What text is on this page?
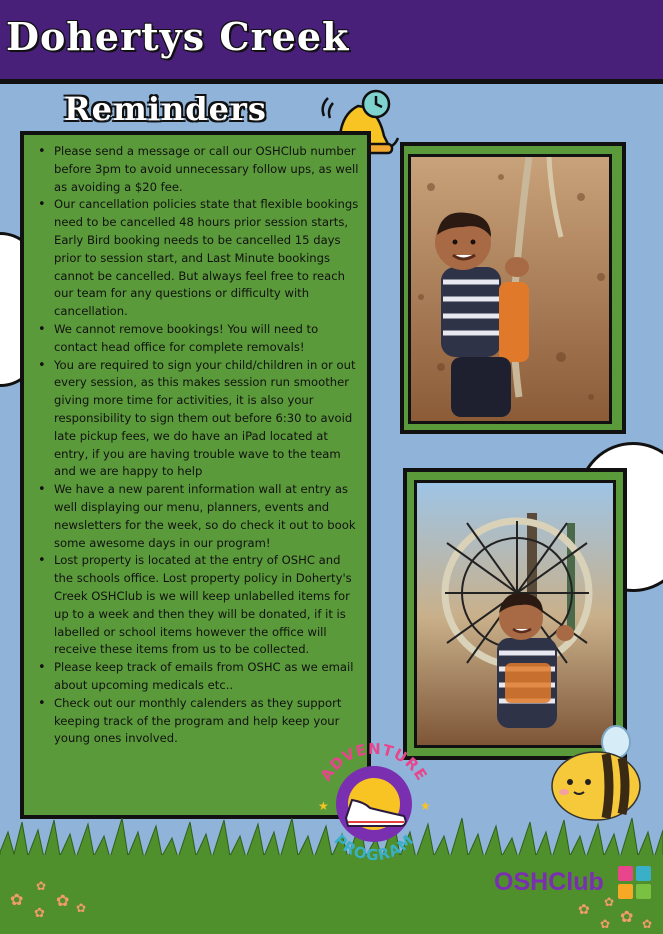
Dohertys Creek
Reminders
• Please send a message or call our OSHClub number before 3pm to avoid unnecessary follow ups, as well as avoiding a $20 fee.
• Our cancellation policies state that flexible bookings need to be cancelled 48 hours prior session starts, Early Bird booking needs to be cancelled 15 days prior to session start, and Last Minute bookings cannot be cancelled. But always feel free to reach our team for any questions or difficulty with cancellation.
• We cannot remove bookings! You will need to contact head office for complete removals!
• You are required to sign your child/children in or out every session, as this makes session run smoother giving more time for activities, it is also your responsibility to sign them out before 6:30 to avoid late pickup fees, we do have an iPad located at entry, if you are having trouble wave to the team and we are happy to help
• We have a new parent information wall at entry as well displaying our menu, planners, events and newsletters for the week, so do check it out to book some awesome days in our program!
• Lost property is located at the entry of OSHC and the schools office. Lost property policy in Doherty's Creek OSHClub is we will keep unlabelled items for up to a week and then they will be donated, if it is labelled or school items however the office will receive these items from us to be collected.
• Please keep track of emails from OSHC as we email about upcoming medicals etc..
• Check out our monthly calenders as they support keeping track of the program and help keep your young ones involved.
✿
✿
✿
✿ ✿	✿ ✿
✿
✿	✿
ADVENTURE
PROGRAM
★	★
OSHClub
